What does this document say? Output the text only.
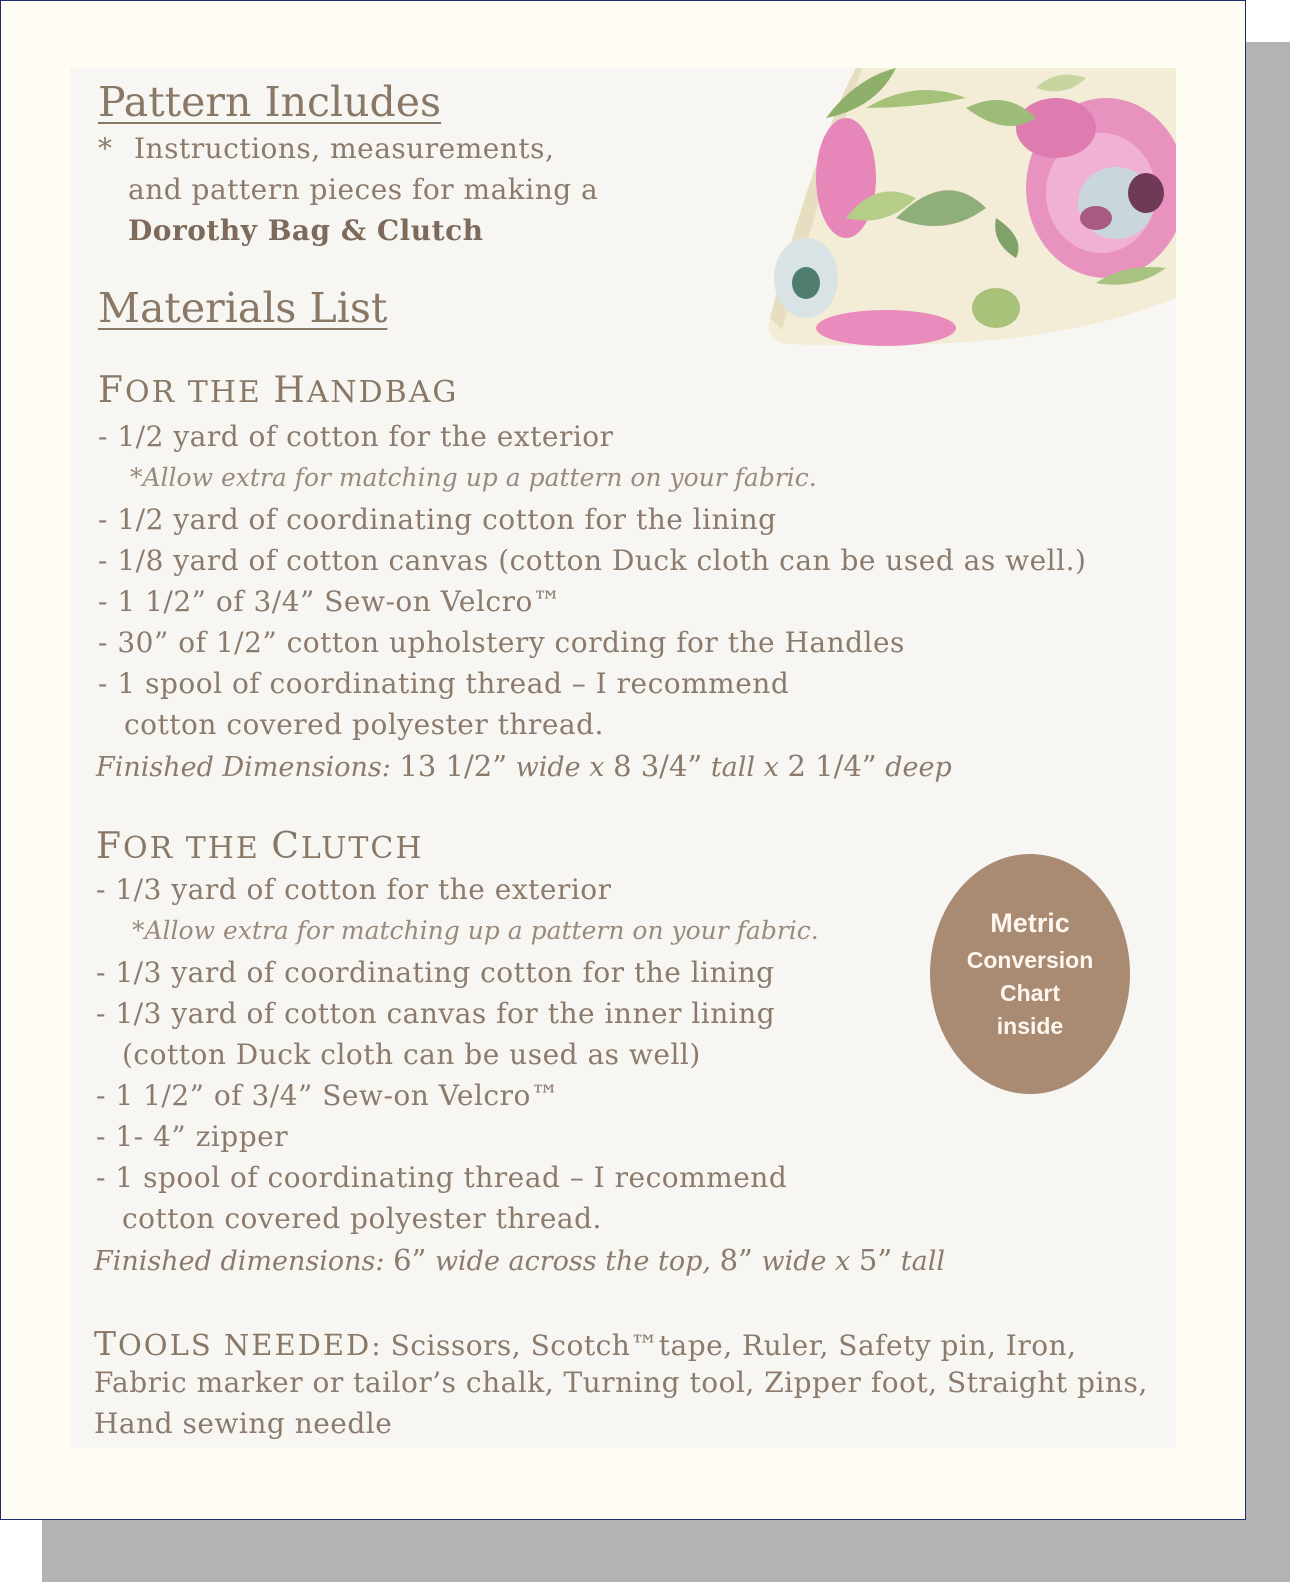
Pattern Includes
* Instructions, measurements,

and pattern pieces for making a

Dorothy Bag & Clutch

Materials List
FOR THE HANDBAG

- 1/2 yard of cotton for the exterior

*Allow extra for matching up a pattern on your fabric.

- 1/2 yard of coordinating cotton for the lining

- 1/8 yard of cotton canvas (cotton Duck cloth can be used as well.)

- 1 1/2” of 3/4” Sew-on Velcro™

- 30” of 1/2” cotton upholstery cording for the Handles

- 1 spool of coordinating thread – I recommend

cotton covered polyester thread.

Finished Dimensions: 13 1/2” wide x 8 3/4” tall x 2 1/4” deep

FOR THE CLUTCH

- 1/3 yard of cotton for the exterior

*Allow extra for matching up a pattern on your fabric.

- 1/3 yard of coordinating cotton for the lining

- 1/3 yard of cotton canvas for the inner lining

(cotton Duck cloth can be used as well)

- 1 1/2” of 3/4” Sew-on Velcro™

- 1- 4” zipper

- 1 spool of coordinating thread – I recommend

cotton covered polyester thread.

Finished dimensions: 6” wide across the top, 8” wide x 5” tall

TOOLS NEEDED: Scissors, Scotch™tape, Ruler, Safety pin, Iron,

Fabric marker or tailor’s chalk, Turning tool, Zipper foot, Straight pins,

Hand sewing needle

Metric
Conversion
Chart
inside
